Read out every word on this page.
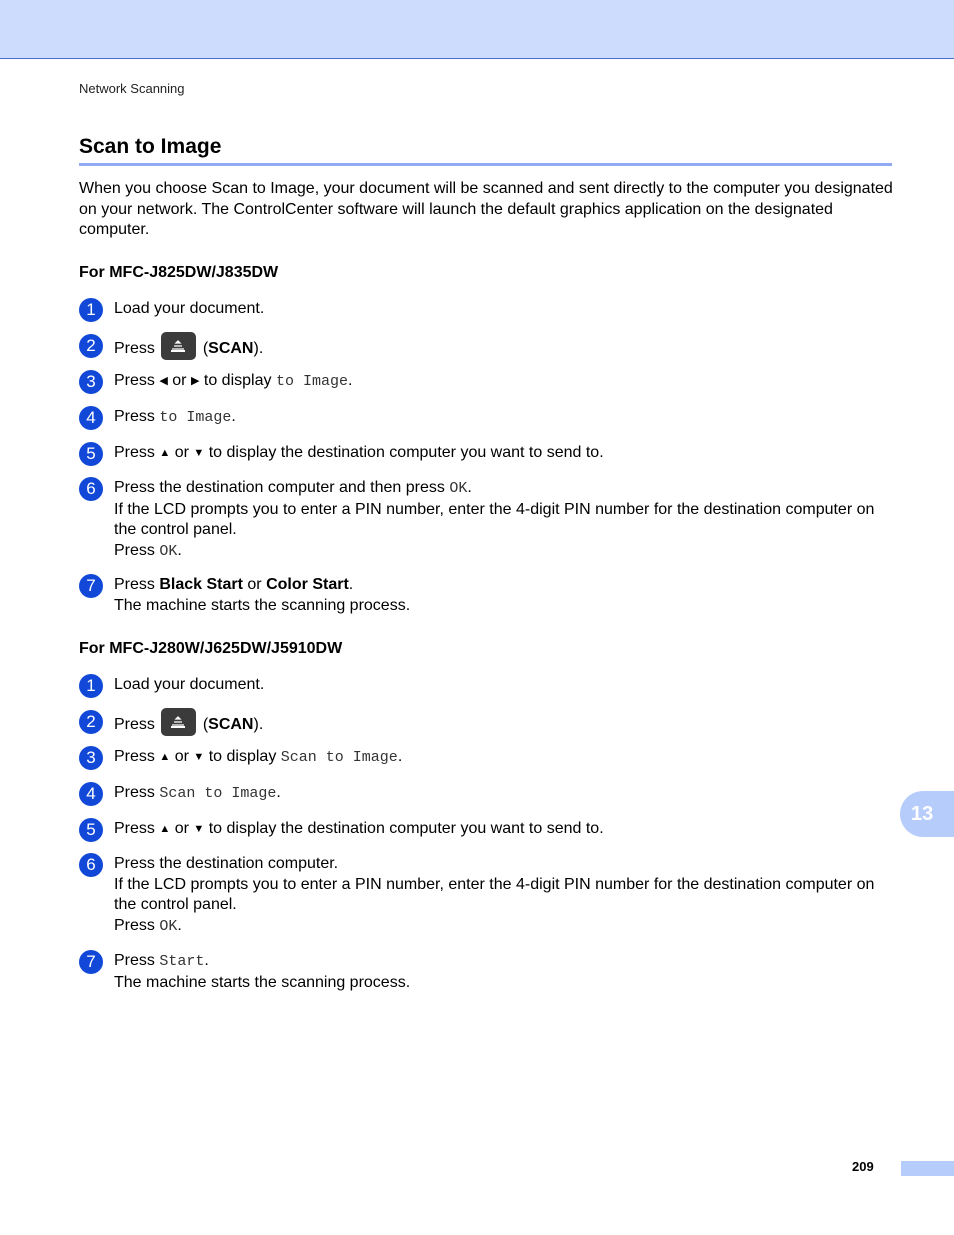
Network Scanning
Scan to Image
When you choose Scan to Image, your document will be scanned and sent directly to the computer you designated on your network. The ControlCenter software will launch the default graphics application on the designated computer.
For MFC-J825DW/J835DW
1	Load your document.
2	Press	(SCAN).
3	Press ◀ or ▶ to display to Image.
4	Press to Image.
5	Press ▲ or ▼ to display the destination computer you want to send to.
6	Press the destination computer and then press OK.
If the LCD prompts you to enter a PIN number, enter the 4-digit PIN number for the destination computer on the control panel.
Press OK.
7	Press Black Start or Color Start.
The machine starts the scanning process.
For MFC-J280W/J625DW/J5910DW
1	Load your document.
2	Press	(SCAN).
3	Press ▲ or ▼ to display Scan to Image.
4	Press Scan to Image.
5	Press ▲ or ▼ to display the destination computer you want to send to.
6	Press the destination computer.
If the LCD prompts you to enter a PIN number, enter the 4-digit PIN number for the destination computer on the control panel.
Press OK.
7	Press Start.
The machine starts the scanning process.
13
209
